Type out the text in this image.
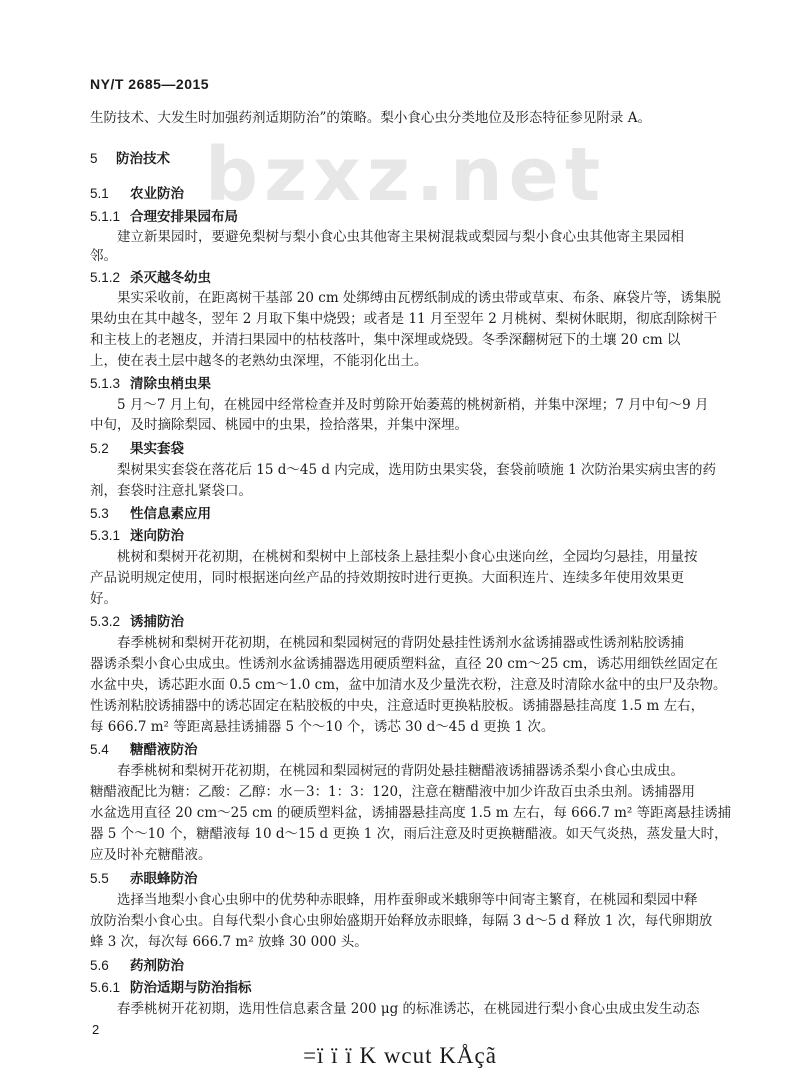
NY/T 2685—2015
bzxz.net
生防技术、大发生时加强药剂适期防治”的策略。梨小食心虫分类地位及形态特征参见附录 A。
5 防治技术
5.1 农业防治
5.1.1 合理安排果园布局
建立新果园时，要避免梨树与梨小食心虫其他寄主果树混栽或梨园与梨小食心虫其他寄主果园相
邻。
5.1.2 杀灭越冬幼虫
果实采收前，在距离树干基部 20 cm 处绑缚由瓦楞纸制成的诱虫带或草束、布条、麻袋片等，诱集脱
果幼虫在其中越冬，翌年 2 月取下集中烧毁；或者是 11 月至翌年 2 月桃树、梨树休眠期，彻底刮除树干
和主枝上的老翘皮，并清扫果园中的枯枝落叶，集中深埋或烧毁。冬季深翻树冠下的土壤 20 cm 以
上，使在表土层中越冬的老熟幼虫深埋，不能羽化出土。
5.1.3 清除虫梢虫果
5 月～7 月上旬，在桃园中经常检查并及时剪除开始萎蔫的桃树新梢，并集中深埋；7 月中旬～9 月
中旬，及时摘除梨园、桃园中的虫果，捡拾落果，并集中深埋。
5.2 果实套袋
梨树果实套袋在落花后 15 d～45 d 内完成，选用防虫果实袋，套袋前喷施 1 次防治果实病虫害的药
剂，套袋时注意扎紧袋口。
5.3 性信息素应用
5.3.1 迷向防治
桃树和梨树开花初期，在桃树和梨树中上部枝条上悬挂梨小食心虫迷向丝，全园均匀悬挂，用量按
产品说明规定使用，同时根据迷向丝产品的持效期按时进行更换。大面积连片、连续多年使用效果更
好。
5.3.2 诱捕防治
春季桃树和梨树开花初期，在桃园和梨园树冠的背阴处悬挂性诱剂水盆诱捕器或性诱剂粘胶诱捕
器诱杀梨小食心虫成虫。性诱剂水盆诱捕器选用硬质塑料盆，直径 20 cm～25 cm，诱芯用细铁丝固定在
水盆中央，诱芯距水面 0.5 cm～1.0 cm，盆中加清水及少量洗衣粉，注意及时清除水盆中的虫尸及杂物。
性诱剂粘胶诱捕器中的诱芯固定在粘胶板的中央，注意适时更换粘胶板。诱捕器悬挂高度 1.5 m 左右，
每 666.7 m² 等距离悬挂诱捕器 5 个～10 个，诱芯 30 d～45 d 更换 1 次。
5.4 糖醋液防治
春季桃树和梨树开花初期，在桃园和梨园树冠的背阴处悬挂糖醋液诱捕器诱杀梨小食心虫成虫。
糖醋液配比为糖：乙酸：乙醇：水－3：1：3：120，注意在糖醋液中加少许敌百虫杀虫剂。诱捕器用
水盆选用直径 20 cm～25 cm 的硬质塑料盆，诱捕器悬挂高度 1.5 m 左右，每 666.7 m² 等距离悬挂诱捕
器 5 个～10 个，糖醋液每 10 d～15 d 更换 1 次，雨后注意及时更换糖醋液。如天气炎热，蒸发量大时，
应及时补充糖醋液。
5.5 赤眼蜂防治
选择当地梨小食心虫卵中的优势种赤眼蜂，用柞蚕卵或米蛾卵等中间寄主繁育，在桃园和梨园中释
放防治梨小食心虫。自每代梨小食心虫卵始盛期开始释放赤眼蜂，每隔 3 d～5 d 释放 1 次，每代卵期放
蜂 3 次，每次每 666.7 m² 放蜂 30 000 头。
5.6 药剂防治
5.6.1 防治适期与防治指标
春季桃树开花初期，选用性信息素含量 200 μg 的标准诱芯，在桃园进行梨小食心虫成虫发生动态
2
=ï ï ï K wcut KÅçã
